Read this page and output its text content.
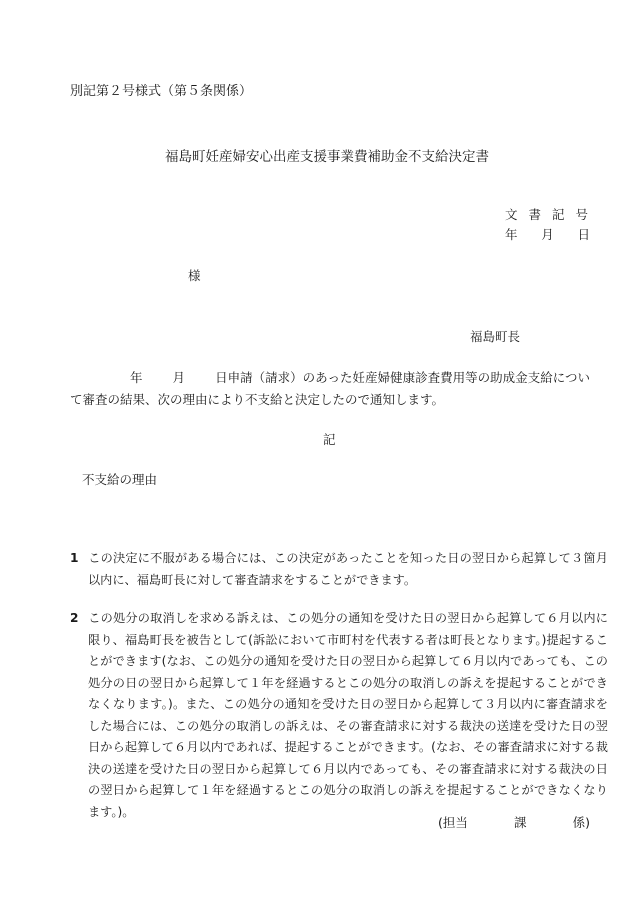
別記第２号様式（第５条関係）
福島町妊産婦安心出産支援事業費補助金不支給決定書
文書記号
年 月 日
様
福島町長
年 月 日申請（請求）のあった妊産婦健康診査費用等の助成金支給について審査の結果、次の理由により不支給と決定したので通知します。
記
不支給の理由
1 この決定に不服がある場合には、この決定があったことを知った日の翌日から起算して３箇月以内に、福島町長に対して審査請求をすることができます。
2 この処分の取消しを求める訴えは、この処分の通知を受けた日の翌日から起算して６月以内に限り、福島町長を被告として(訴訟において市町村を代表する者は町長となります。)提起することができます(なお、この処分の通知を受けた日の翌日から起算して６月以内であっても、この処分の日の翌日から起算して１年を経過するとこの処分の取消しの訴えを提起することができなくなります。)。また、この処分の通知を受けた日の翌日から起算して３月以内に審査請求をした場合には、この処分の取消しの訴えは、その審査請求に対する裁決の送達を受けた日の翌日から起算して６月以内であれば、提起することができます。(なお、その審査請求に対する裁決の送達を受けた日の翌日から起算して６月以内であっても、その審査請求に対する裁決の日の翌日から起算して１年を経過するとこの処分の取消しの訴えを提起することができなくなります。)。
(担当	課	係)
